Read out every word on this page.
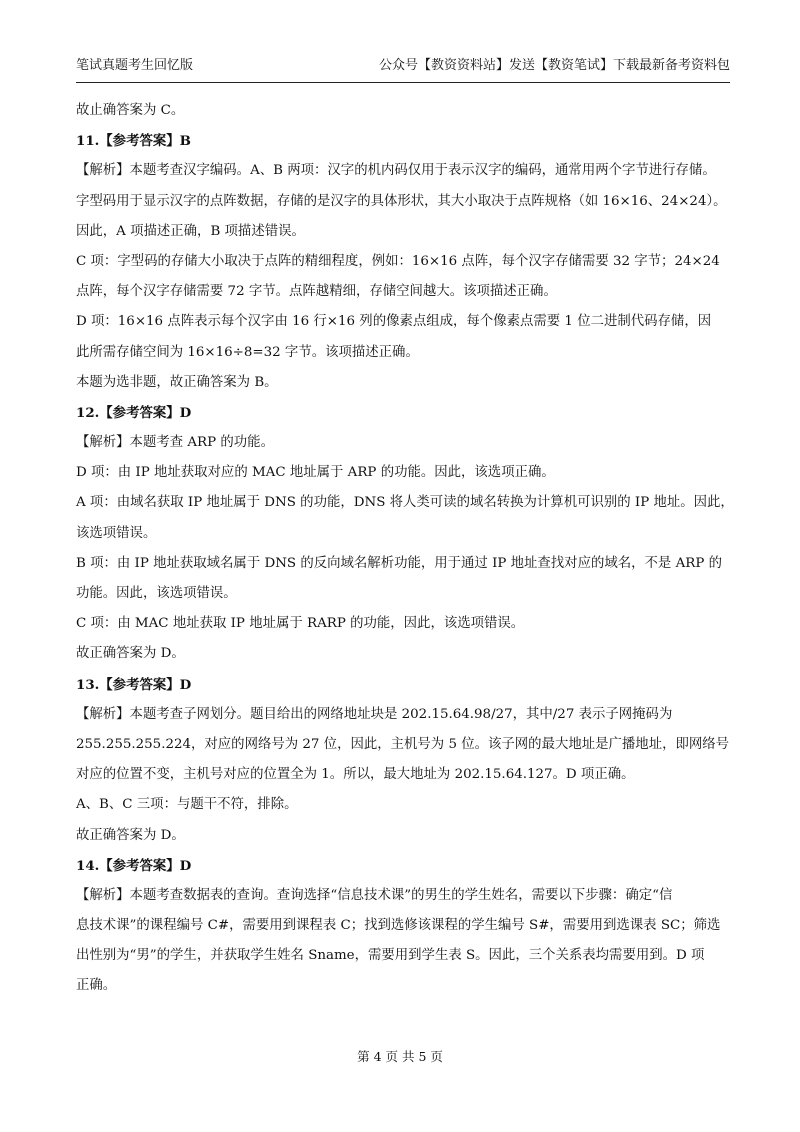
笔试真题考生回忆版	公众号【教资资料站】发送【教资笔试】下载最新备考资料包
故止确答案为 C。
11.【参考答案】B
【解析】本题考查汉字编码。A、B 两项：汉字的机内码仅用于表示汉字的编码，通常用两个字节进行存储。
字型码用于显示汉字的点阵数据，存储的是汉字的具体形状，其大小取决于点阵规格（如 16×16、24×24）。
因此，A 项描述正确，B 项描述错误。
C 项：字型码的存储大小取决于点阵的精细程度，例如：16×16 点阵，每个汉字存储需要 32 字节；24×24
点阵，每个汉字存储需要 72 字节。点阵越精细，存储空间越大。该项描述正确。
D 项：16×16 点阵表示每个汉字由 16 行×16 列的像素点组成，每个像素点需要 1 位二进制代码存储，因
此所需存储空间为 16×16÷8=32 字节。该项描述正确。
本题为选非题，故正确答案为 B。
12.【参考答案】D
【解析】本题考查 ARP 的功能。
D 项：由 IP 地址获取对应的 MAC 地址属于 ARP 的功能。因此，该选项正确。
A 项：由域名获取 IP 地址属于 DNS 的功能，DNS 将人类可读的域名转换为计算机可识别的 IP 地址。因此，
该选项错误。
B 项：由 IP 地址获取域名属于 DNS 的反向域名解析功能，用于通过 IP 地址查找对应的域名，不是 ARP 的
功能。因此，该选项错误。
C 项：由 MAC 地址获取 IP 地址属于 RARP 的功能，因此，该选项错误。
故正确答案为 D。
13.【参考答案】D
【解析】本题考查子网划分。题目给出的网络地址块是 202.15.64.98/27，其中/27 表示子网掩码为
255.255.255.224，对应的网络号为 27 位，因此，主机号为 5 位。该子网的最大地址是广播地址，即网络号
对应的位置不变，主机号对应的位置全为 1。所以，最大地址为 202.15.64.127。D 项正确。
A、B、C 三项：与题干不符，排除。
故正确答案为 D。
14.【参考答案】D
【解析】本题考查数据表的查询。查询选择“信息技术课”的男生的学生姓名，需要以下步骤：确定“信
息技术课”的课程编号 C#，需要用到课程表 C；找到选修该课程的学生编号 S#，需要用到选课表 SC；筛选
出性别为“男”的学生，并获取学生姓名 Sname，需要用到学生表 S。因此，三个关系表均需要用到。D 项
正确。
第 4 页 共 5 页
